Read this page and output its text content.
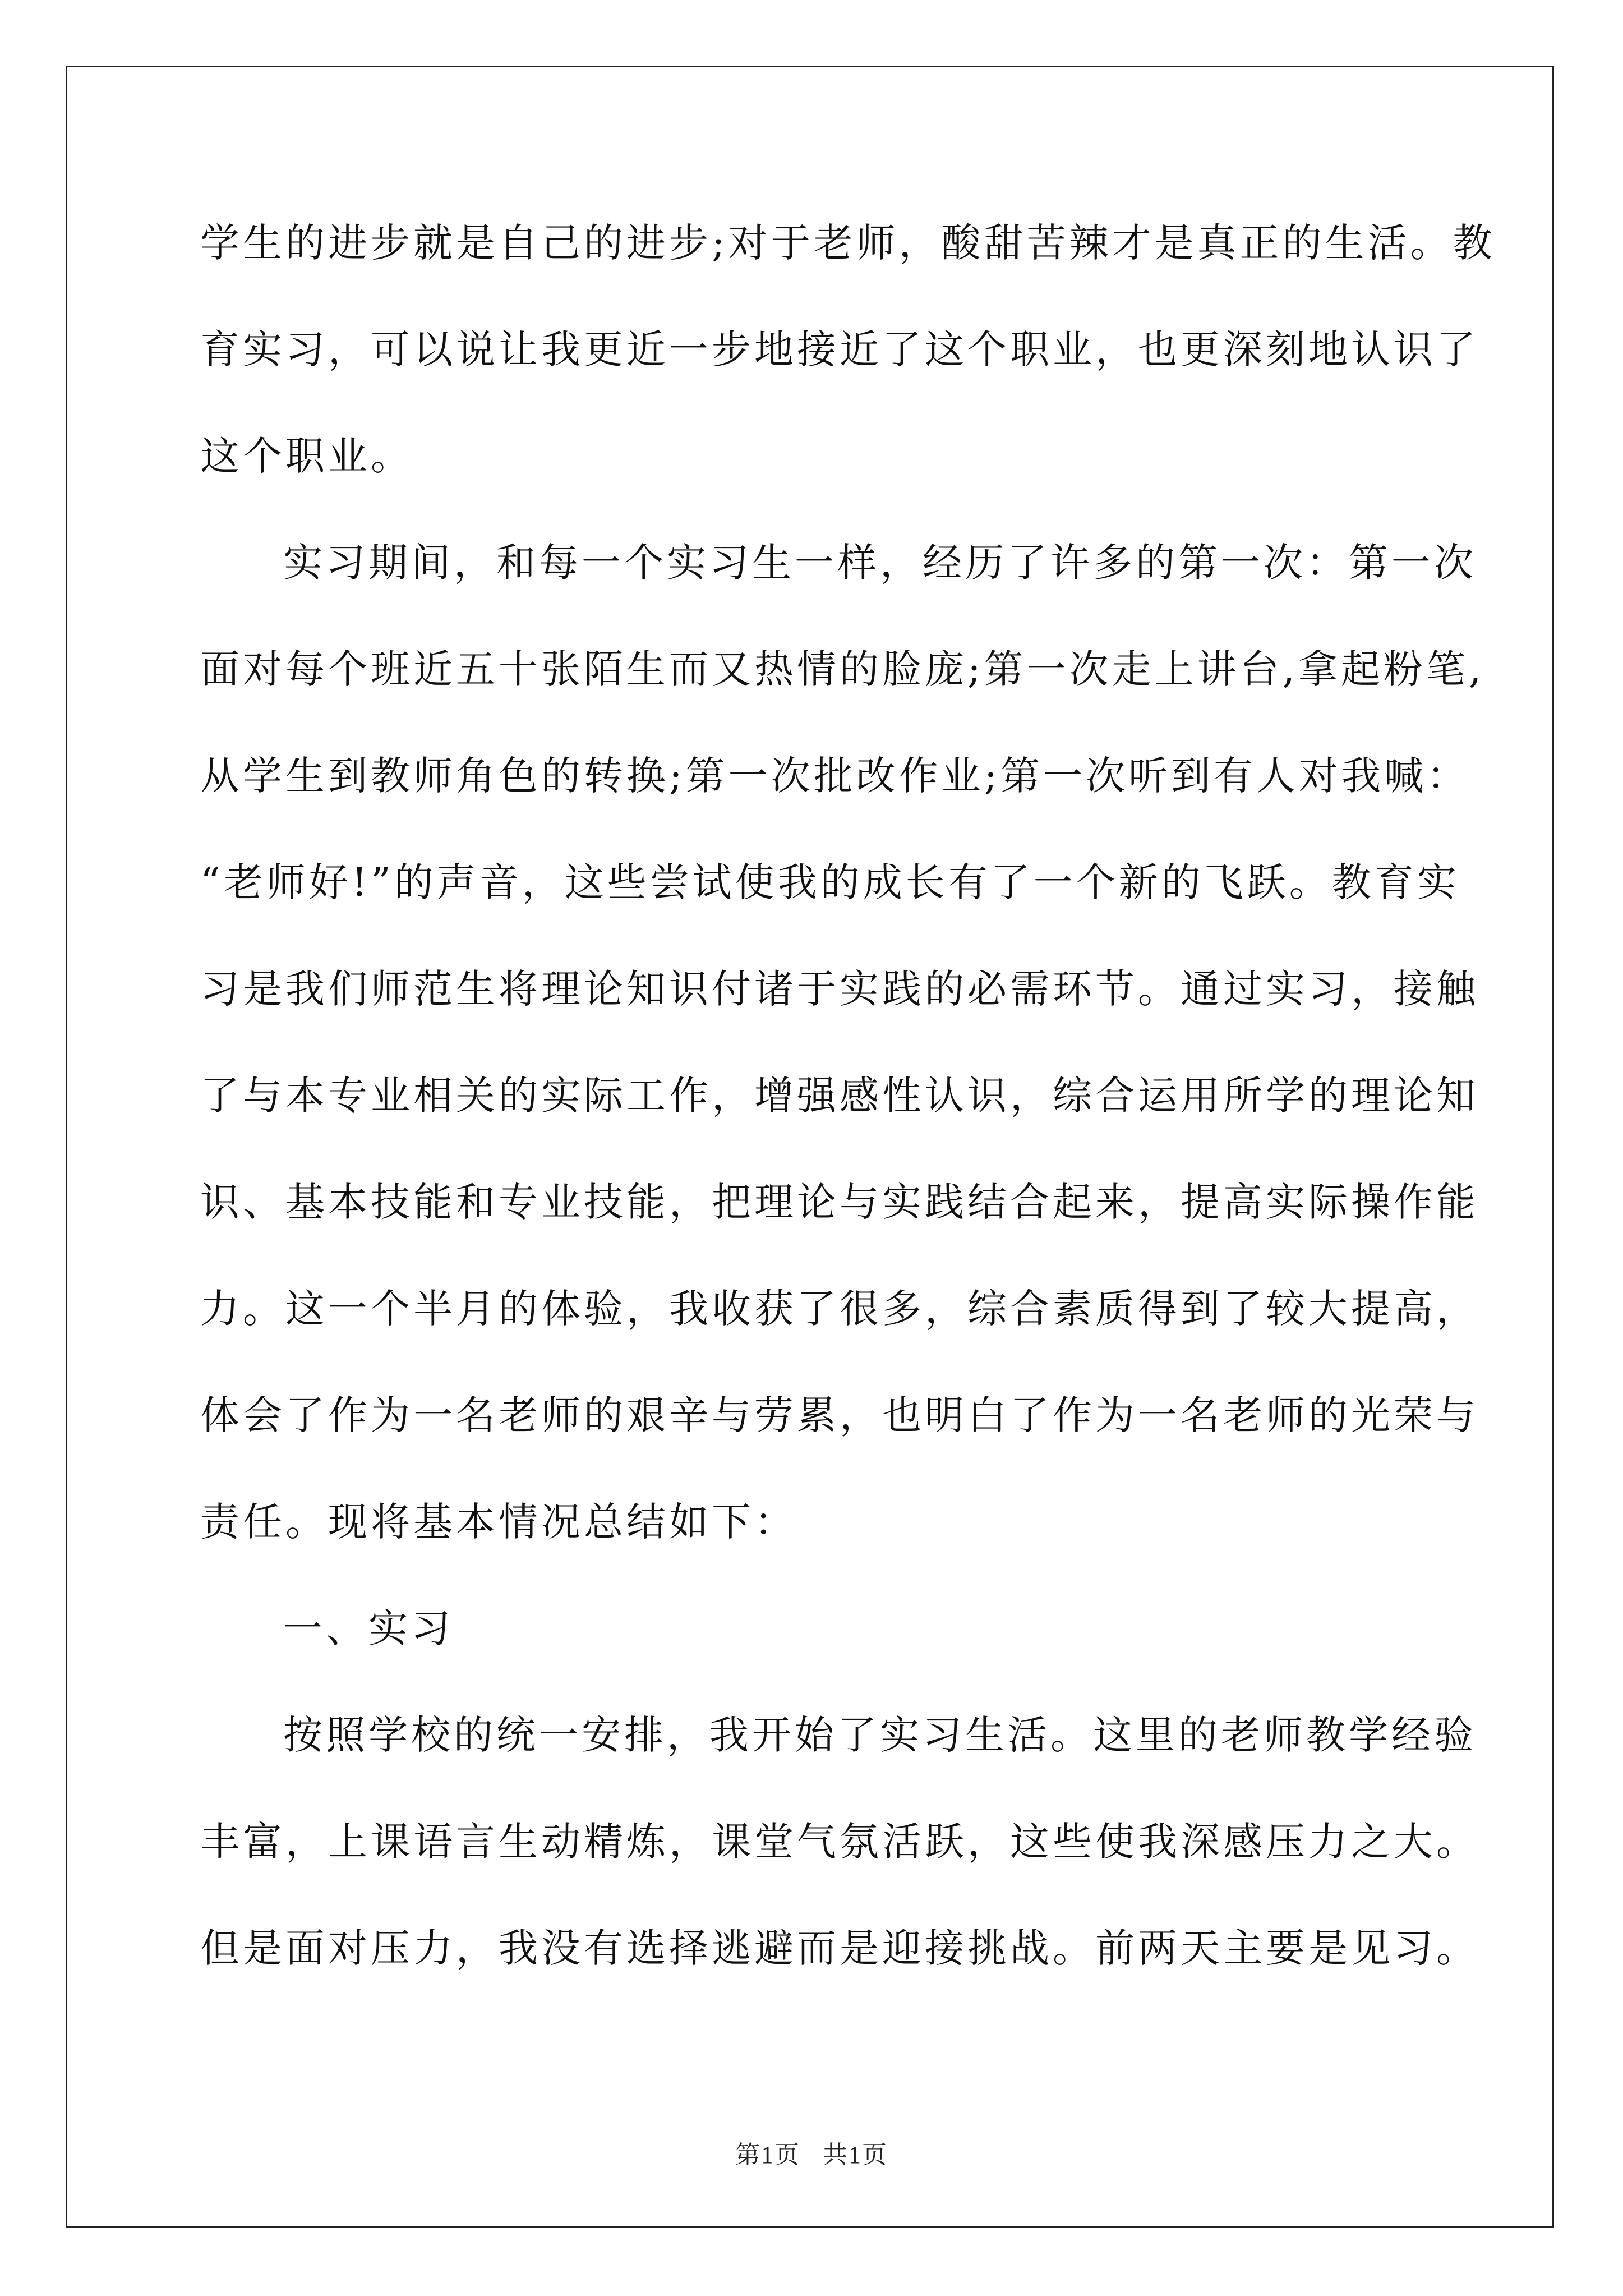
学生的进步就是自己的进步;对于老师，酸甜苦辣才是真正的生活。教
育实习，可以说让我更近一步地接近了这个职业，也更深刻地认识了
这个职业。
实习期间，和每一个实习生一样，经历了许多的第一次：第一次
面对每个班近五十张陌生而又热情的脸庞;第一次走上讲台,拿起粉笔,
从学生到教师角色的转换;第一次批改作业;第一次听到有人对我喊：
“老师好!”的声音，这些尝试使我的成长有了一个新的飞跃。教育实
习是我们师范生将理论知识付诸于实践的必需环节。通过实习，接触
了与本专业相关的实际工作，增强感性认识，综合运用所学的理论知
识、基本技能和专业技能，把理论与实践结合起来，提高实际操作能
力。这一个半月的体验，我收获了很多，综合素质得到了较大提高，
体会了作为一名老师的艰辛与劳累，也明白了作为一名老师的光荣与
责任。现将基本情况总结如下：
一、实习
按照学校的统一安排，我开始了实习生活。这里的老师教学经验
丰富，上课语言生动精炼，课堂气氛活跃，这些使我深感压力之大。
但是面对压力，我没有选择逃避而是迎接挑战。前两天主要是见习。
第1页 共1页
